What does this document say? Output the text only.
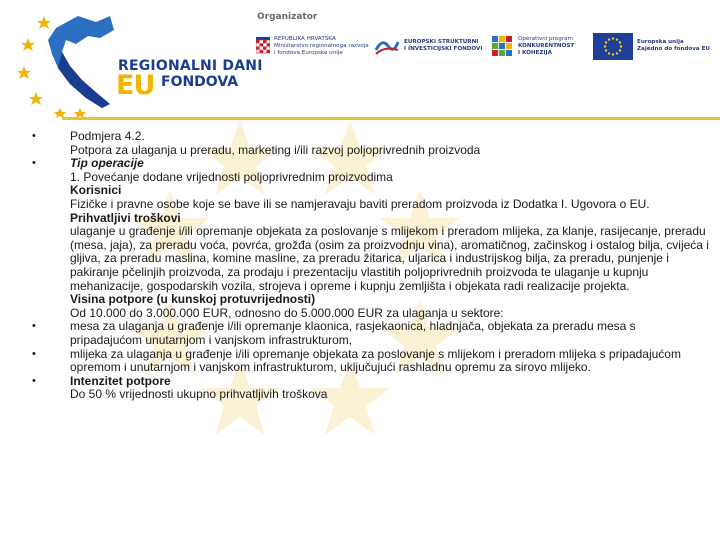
REGIONALNI DANI
EU FONDOVA
Organizator
REPUBLIKA HRVATSKA
Ministarstvo regionalnoga razvoja
i fondova Europske unije
EUROPSKI STRUKTURNI
I INVESTICIJSKI FONDOVI
Operativni program
KONKURENTNOST
I KOHEZIJA
Europska unija
Zajedno do fondova EU
• Podmjera 4.2.
Potpora za ulaganja u preradu, marketing i/ili razvoj poljoprivrednih proizvoda
• Tip operacije
1. Povećanje dodane vrijednosti poljoprivrednim proizvodima
Korisnici
Fizičke i pravne osobe koje se bave ili se namjeravaju baviti preradom proizvoda iz Dodatka I. Ugovora o EU.
Prihvatljivi troškovi
ulaganje u građenje i/ili opremanje objekata za poslovanje s mlijekom i preradom mlijeka, za klanje, rasijecanje, preradu (mesa, jaja), za preradu voća, povrća, grožđa (osim za proizvodnju vina), aromatičnog, začinskog i ostalog bilja, cvijeća i gljiva, za preradu maslina, komine masline, za preradu žitarica, uljarica i industrijskog bilja, za preradu, punjenje i pakiranje pčelinjih proizvoda, za prodaju i prezentaciju vlastitih poljoprivrednih proizvoda te ulaganje u kupnju mehanizacije, gospodarskih vozila, strojeva i opreme i kupnju zemljišta i objekata radi realizacije projekta.
Visina potpore (u kunskoj protuvrijednosti)
Od 10.000 do 3.000.000 EUR, odnosno do 5.000.000 EUR za ulaganja u sektore:
• mesa za ulaganja u građenje i/ili opremanje klaonica, rasjekaonica, hladnjača, objekata za preradu mesa s pripadajućom unutarnjom i vanjskom infrastrukturom,
• mlijeka za ulaganja u građenje i/ili opremanje objekata za poslovanje s mlijekom i preradom mlijeka s pripadajućom opremom i unutarnjom i vanjskom infrastrukturom, uključujući rashladnu opremu za sirovo mlijeko.
• Intenzitet potpore
Do 50 % vrijednosti ukupno prihvatljivih troškova
